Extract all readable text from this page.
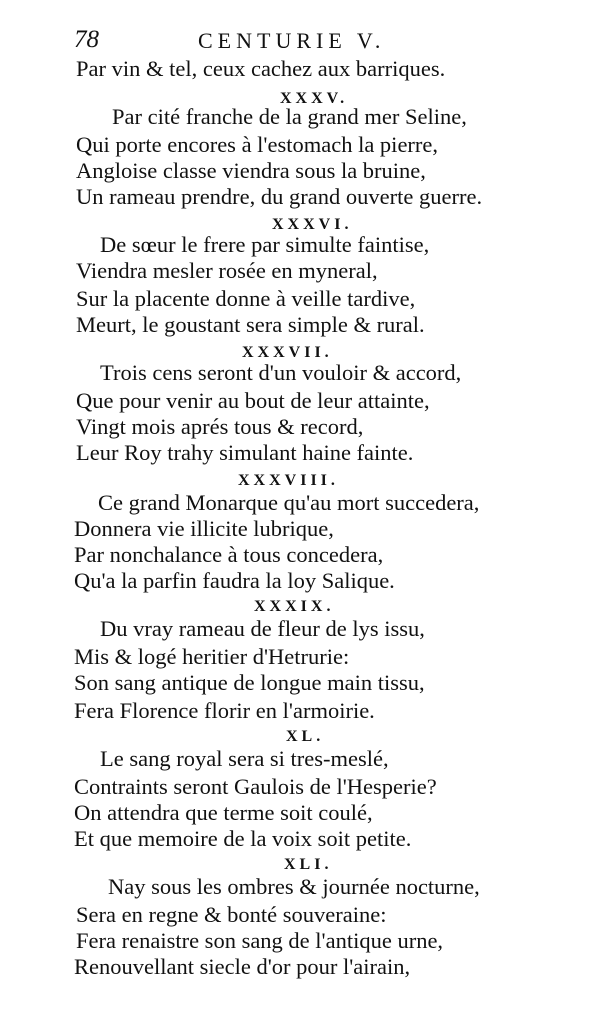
78	CENTURIE V.
Par vin & tel, ceux cachez aux barriques.
XXXV.
Par cité franche de la grand mer Seline,
Qui porte encores à l'estomach la pierre,
Angloise classe viendra sous la bruine,
Un rameau prendre, du grand ouverte guerre.
XXXVI.
De sœur le frere par simulte faintise,
Viendra mesler rosée en myneral,
Sur la placente donne à veille tardive,
Meurt, le goustant sera simple & rural.
XXXVII.
Trois cens seront d'un vouloir & accord,
Que pour venir au bout de leur attainte,
Vingt mois aprés tous & record,
Leur Roy trahy simulant haine fainte.
XXXVIII.
Ce grand Monarque qu'au mort succedera,
Donnera vie illicite lubrique,
Par nonchalance à tous concedera,
Qu'a la parfin faudra la loy Salique.
XXXIX.
Du vray rameau de fleur de lys issu,
Mis & logé heritier d'Hetrurie:
Son sang antique de longue main tissu,
Fera Florence florir en l'armoirie.
XL.
Le sang royal sera si tres-meslé,
Contraints seront Gaulois de l'Hesperie?
On attendra que terme soit coulé,
Et que memoire de la voix soit petite.
XLI.
Nay sous les ombres & journée nocturne,
Sera en regne & bonté souveraine:
Fera renaistre son sang de l'antique urne,
Renouvellant siecle d'or pour l'airain,
